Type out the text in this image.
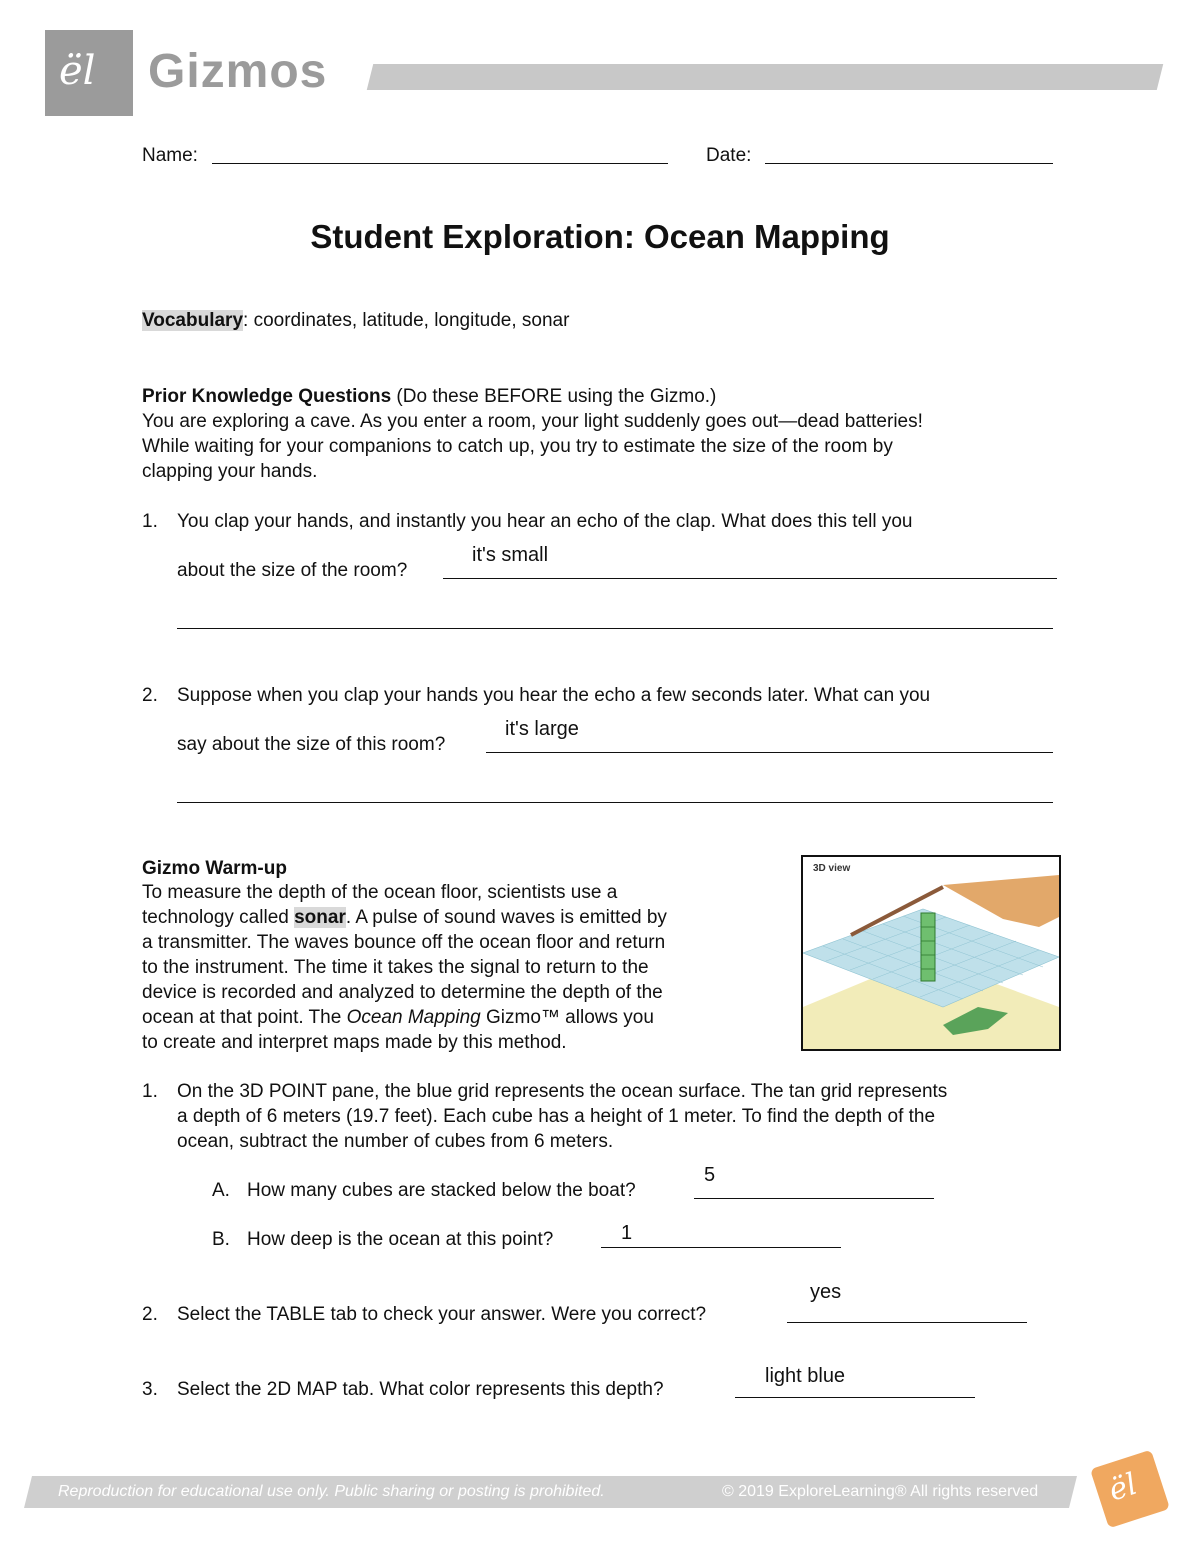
ël Gizmos
Name:	Date:
Student Exploration: Ocean Mapping
Vocabulary: coordinates, latitude, longitude, sonar
Prior Knowledge Questions (Do these BEFORE using the Gizmo.)
You are exploring a cave. As you enter a room, your light suddenly goes out—dead batteries!
While waiting for your companions to catch up, you try to estimate the size of the room by
clapping your hands.
1. You clap your hands, and instantly you hear an echo of the clap. What does this tell you
about the size of the room?
it's small
2. Suppose when you clap your hands you hear the echo a few seconds later. What can you
say about the size of this room?
it's large
Gizmo Warm-up
To measure the depth of the ocean floor, scientists use a
technology called sonar. A pulse of sound waves is emitted by
a transmitter. The waves bounce off the ocean floor and return
to the instrument. The time it takes the signal to return to the
device is recorded and analyzed to determine the depth of the
ocean at that point. The Ocean Mapping Gizmo™ allows you
to create and interpret maps made by this method.
3D view
1. On the 3D POINT pane, the blue grid represents the ocean surface. The tan grid represents
a depth of 6 meters (19.7 feet). Each cube has a height of 1 meter. To find the depth of the
ocean, subtract the number of cubes from 6 meters.
A. How many cubes are stacked below the boat?
5
B. How deep is the ocean at this point?	1
yes
2. Select the TABLE tab to check your answer. Were you correct?
light blue
3. Select the 2D MAP tab. What color represents this depth?
Reproduction for educational use only. Public sharing or posting is prohibited.	© 2019 ExploreLearning® All rights reserved ël
